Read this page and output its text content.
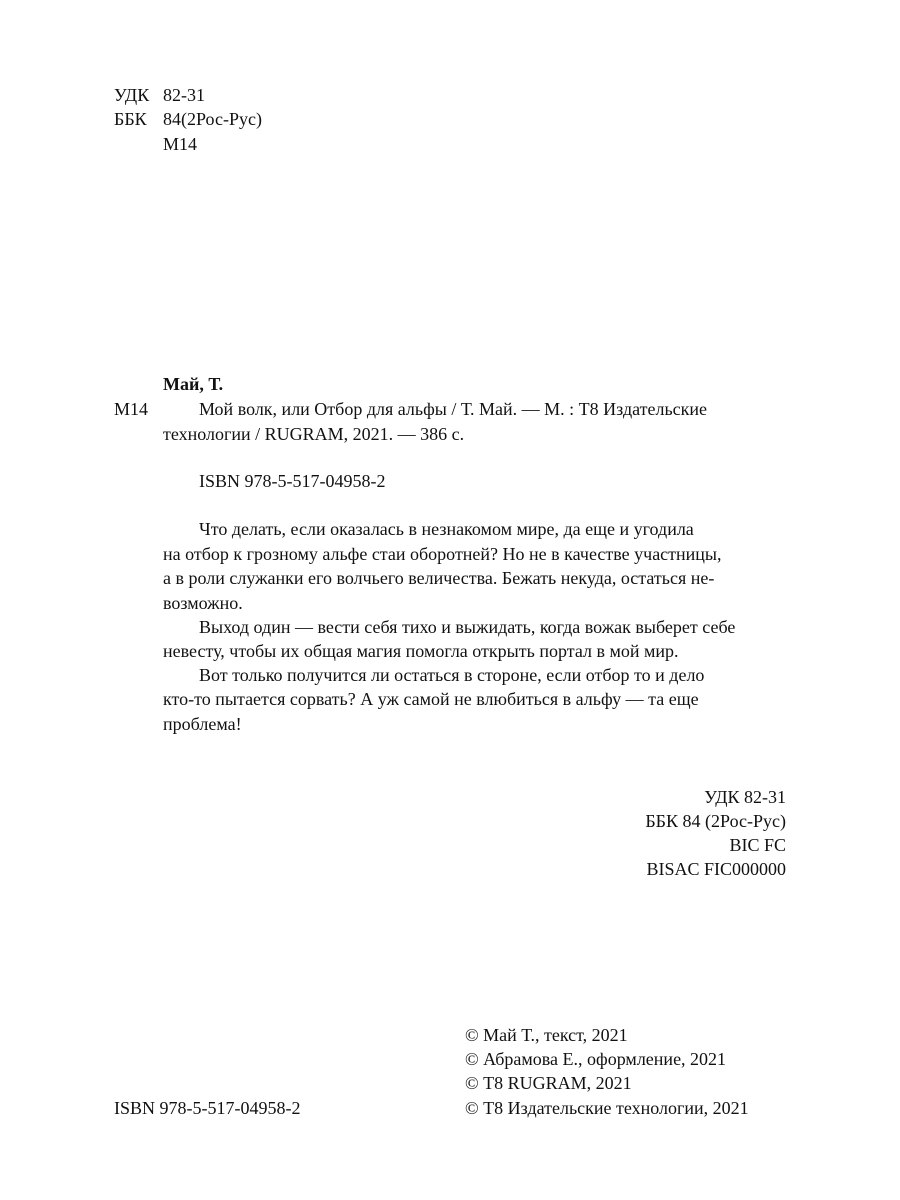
УДК 82-31
ББК 84(2Рос-Рус)
М14
Май, Т.
М14	Мой волк, или Отбор для альфы / Т. Май. — М. : Т8 Издательские
технологии / RUGRAM, 2021. — 386 с.
ISBN 978-5-517-04958-2
Что делать, если оказалась в незнакомом мире, да еще и угодила
на отбор к грозному альфе стаи оборотней? Но не в качестве участницы,
а в роли служанки его волчьего величества. Бежать некуда, остаться не-
возможно.
Выход один — вести себя тихо и выжидать, когда вожак выберет себе
невесту, чтобы их общая магия помогла открыть портал в мой мир.
Вот только получится ли остаться в стороне, если отбор то и дело
кто-то пытается сорвать? А уж самой не влюбиться в альфу — та еще
проблема!
УДК 82-31
ББК 84 (2Рос-Рус)
BIC FC
BISAC FIC000000
© Май Т., текст, 2021
© Абрамова Е., оформление, 2021
© Т8 RUGRAM, 2021
© Т8 Издательские технологии, 2021
ISBN 978-5-517-04958-2
